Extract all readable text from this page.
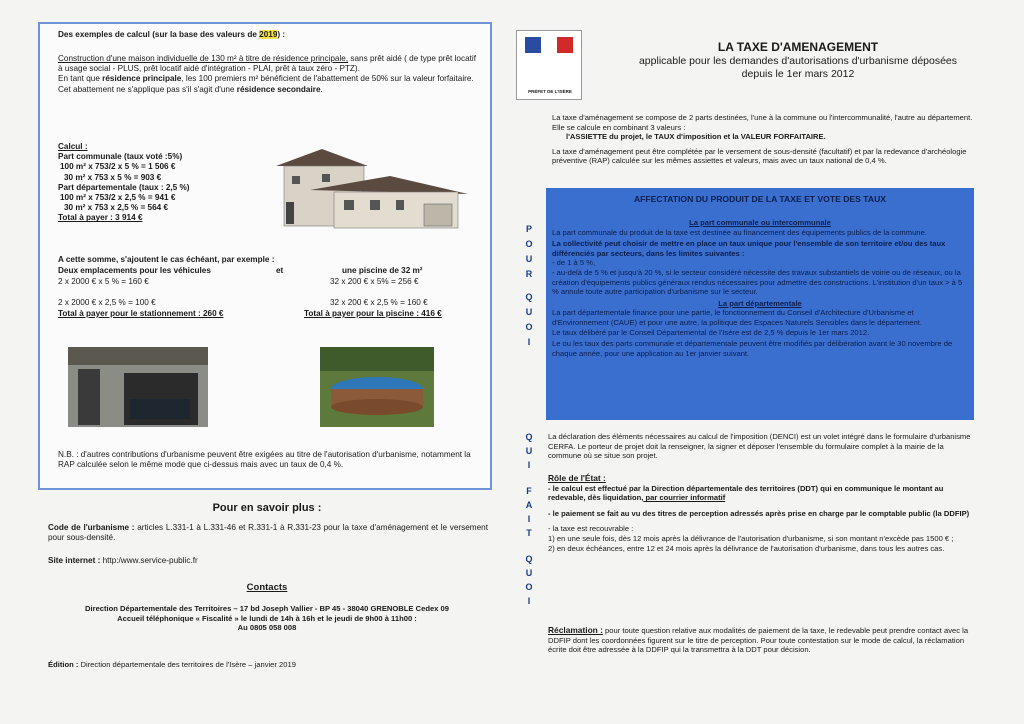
Des exemples de calcul (sur la base des valeurs de 2019) :
Construction d'une maison individuelle de 130 m² à titre de résidence principale, sans prêt aidé ( de type prêt locatif à usage social - PLUS, prêt locatif aidé d'intégration - PLAI, prêt à taux zéro - PTZ).
En tant que résidence principale, les 100 premiers m² bénéficient de l'abattement de 50% sur la valeur forfaitaire.
Cet abattement ne s'applique pas s'il s'agit d'une résidence secondaire.
Calcul :
Part communale (taux voté :5%)
100 m² x 753/2 x 5 % = 1 506 €
30 m² x 753 x 5 % = 903 €
Part départementale (taux : 2,5 %)
100 m² x 753/2 x 2,5 % = 941 €
30 m² x 753 x 2,5 % = 564 €
Total à payer : 3 914 €
A cette somme, s'ajoutent le cas échéant, par exemple :
Deux emplacements pour les véhicules	et	une piscine de 32 m²
2 x 2000 € x 5 % = 160 €	32 x 200 € x 5% = 256 €
2 x 2000 € x 2,5 % = 100 €	32 x 200 € x 2,5 % = 160 €
Total à payer pour le stationnement : 260 €	Total à payer pour la piscine : 416 €
N.B. : d'autres contributions d'urbanisme peuvent être exigées au titre de l'autorisation d'urbanisme, notamment la RAP calculée selon le même mode que ci-dessus mais avec un taux de 0,4 %.
Pour en savoir plus :
Code de l'urbanisme : articles L.331-1 à L.331-46 et R.331-1 à R.331-23 pour la taxe d'aménagement et le versement pour sous-densité.
Site internet : http:/www.service-public.fr
Contacts
Direction Départementale des Territoires – 17 bd Joseph Vallier - BP 45 - 38040 GRENOBLE Cedex 09
Accueil téléphonique « Fiscalité » le lundi de 14h à 16h et le jeudi de 9h00 à 11h00 :
Au 0805 058 008
Édition : Direction départementale des territoires de l'Isère – janvier 2019
PRÉFET DE L'ISÈRE
LA TAXE D'AMENAGEMENT
applicable pour les demandes d'autorisations d'urbanisme déposées
depuis le 1er mars 2012
La taxe d'aménagement se compose de 2 parts destinées, l'une à la commune ou l'intercommunalité, l'autre au département. Elle se calcule en combinant 3 valeurs :
l'ASSIETTE du projet, le TAUX d'imposition et la VALEUR FORFAITAIRE.
La taxe d'aménagement peut être complétée par le versement de sous-densité (facultatif) et par la redevance d'archéologie préventive (RAP) calculée sur les mêmes assiettes et valeurs, mais avec un taux national de 0,4 %.
P
O
U
R
Q
U
O
I
AFFECTATION DU PRODUIT DE LA TAXE ET VOTE DES TAUX
La part communale ou intercommunale
La part communale du produit de la taxe est destinée au financement des équipements publics de la commune.
La collectivité peut choisir de mettre en place un taux unique pour l'ensemble de son territoire et/ou des taux différenciés par secteurs, dans les limites suivantes :
- de 1 à 5 %,
- au-delà de 5 % et jusqu'à 20 %, si le secteur considéré nécessite des travaux substantiels de voirie ou de réseaux, ou la création d'équipements publics généraux rendus nécessaires pour admettre des constructions. L'institution d'un taux > à 5 % annule toute autre participation d'urbanisme sur le secteur.
La part départementale
La part départementale finance pour une partie, le fonctionnement du Conseil d'Architecture d'Urbanisme et d'Environnement (CAUE) et pour une autre, la politique des Espaces Naturels Sensibles dans le département.
Le taux délibéré par le Conseil Départemental de l'Isère est de 2,5 % depuis le 1er mars 2012.
Le ou les taux des parts communale et départementale peuvent être modifiés par délibération avant le 30 novembre de chaque année, pour une application au 1er janvier suivant.
Q
U
I
F
A
I
T
Q
U
O
I
La déclaration des éléments nécessaires au calcul de l'imposition (DENCI) est un volet intégré dans le formulaire d'urbanisme CERFA. Le porteur de projet doit la renseigner, la signer et déposer l'ensemble du formulaire complet à la mairie de la commune où se situe son projet.
Rôle de l'État :
- le calcul est effectué par la Direction départementale des territoires (DDT) qui en communique le montant au redevable, dès liquidation, par courrier informatif
- le paiement se fait au vu des titres de perception adressés après prise en charge par le comptable public (la DDFIP)
- la taxe est recouvrable :
1) en une seule fois, dès 12 mois après la délivrance de l'autorisation d'urbanisme, si son montant n'excède pas 1500 € ;
2) en deux échéances, entre 12 et 24 mois après la délivrance de l'autorisation d'urbanisme, dans tous les autres cas.
Réclamation : pour toute question relative aux modalités de paiement de la taxe, le redevable peut prendre contact avec la DDFIP dont les coordonnées figurent sur le titre de perception. Pour toute contestation sur le mode de calcul, la réclamation écrite doit être adressée à la DDFIP qui la transmettra à la DDT pour décision.
